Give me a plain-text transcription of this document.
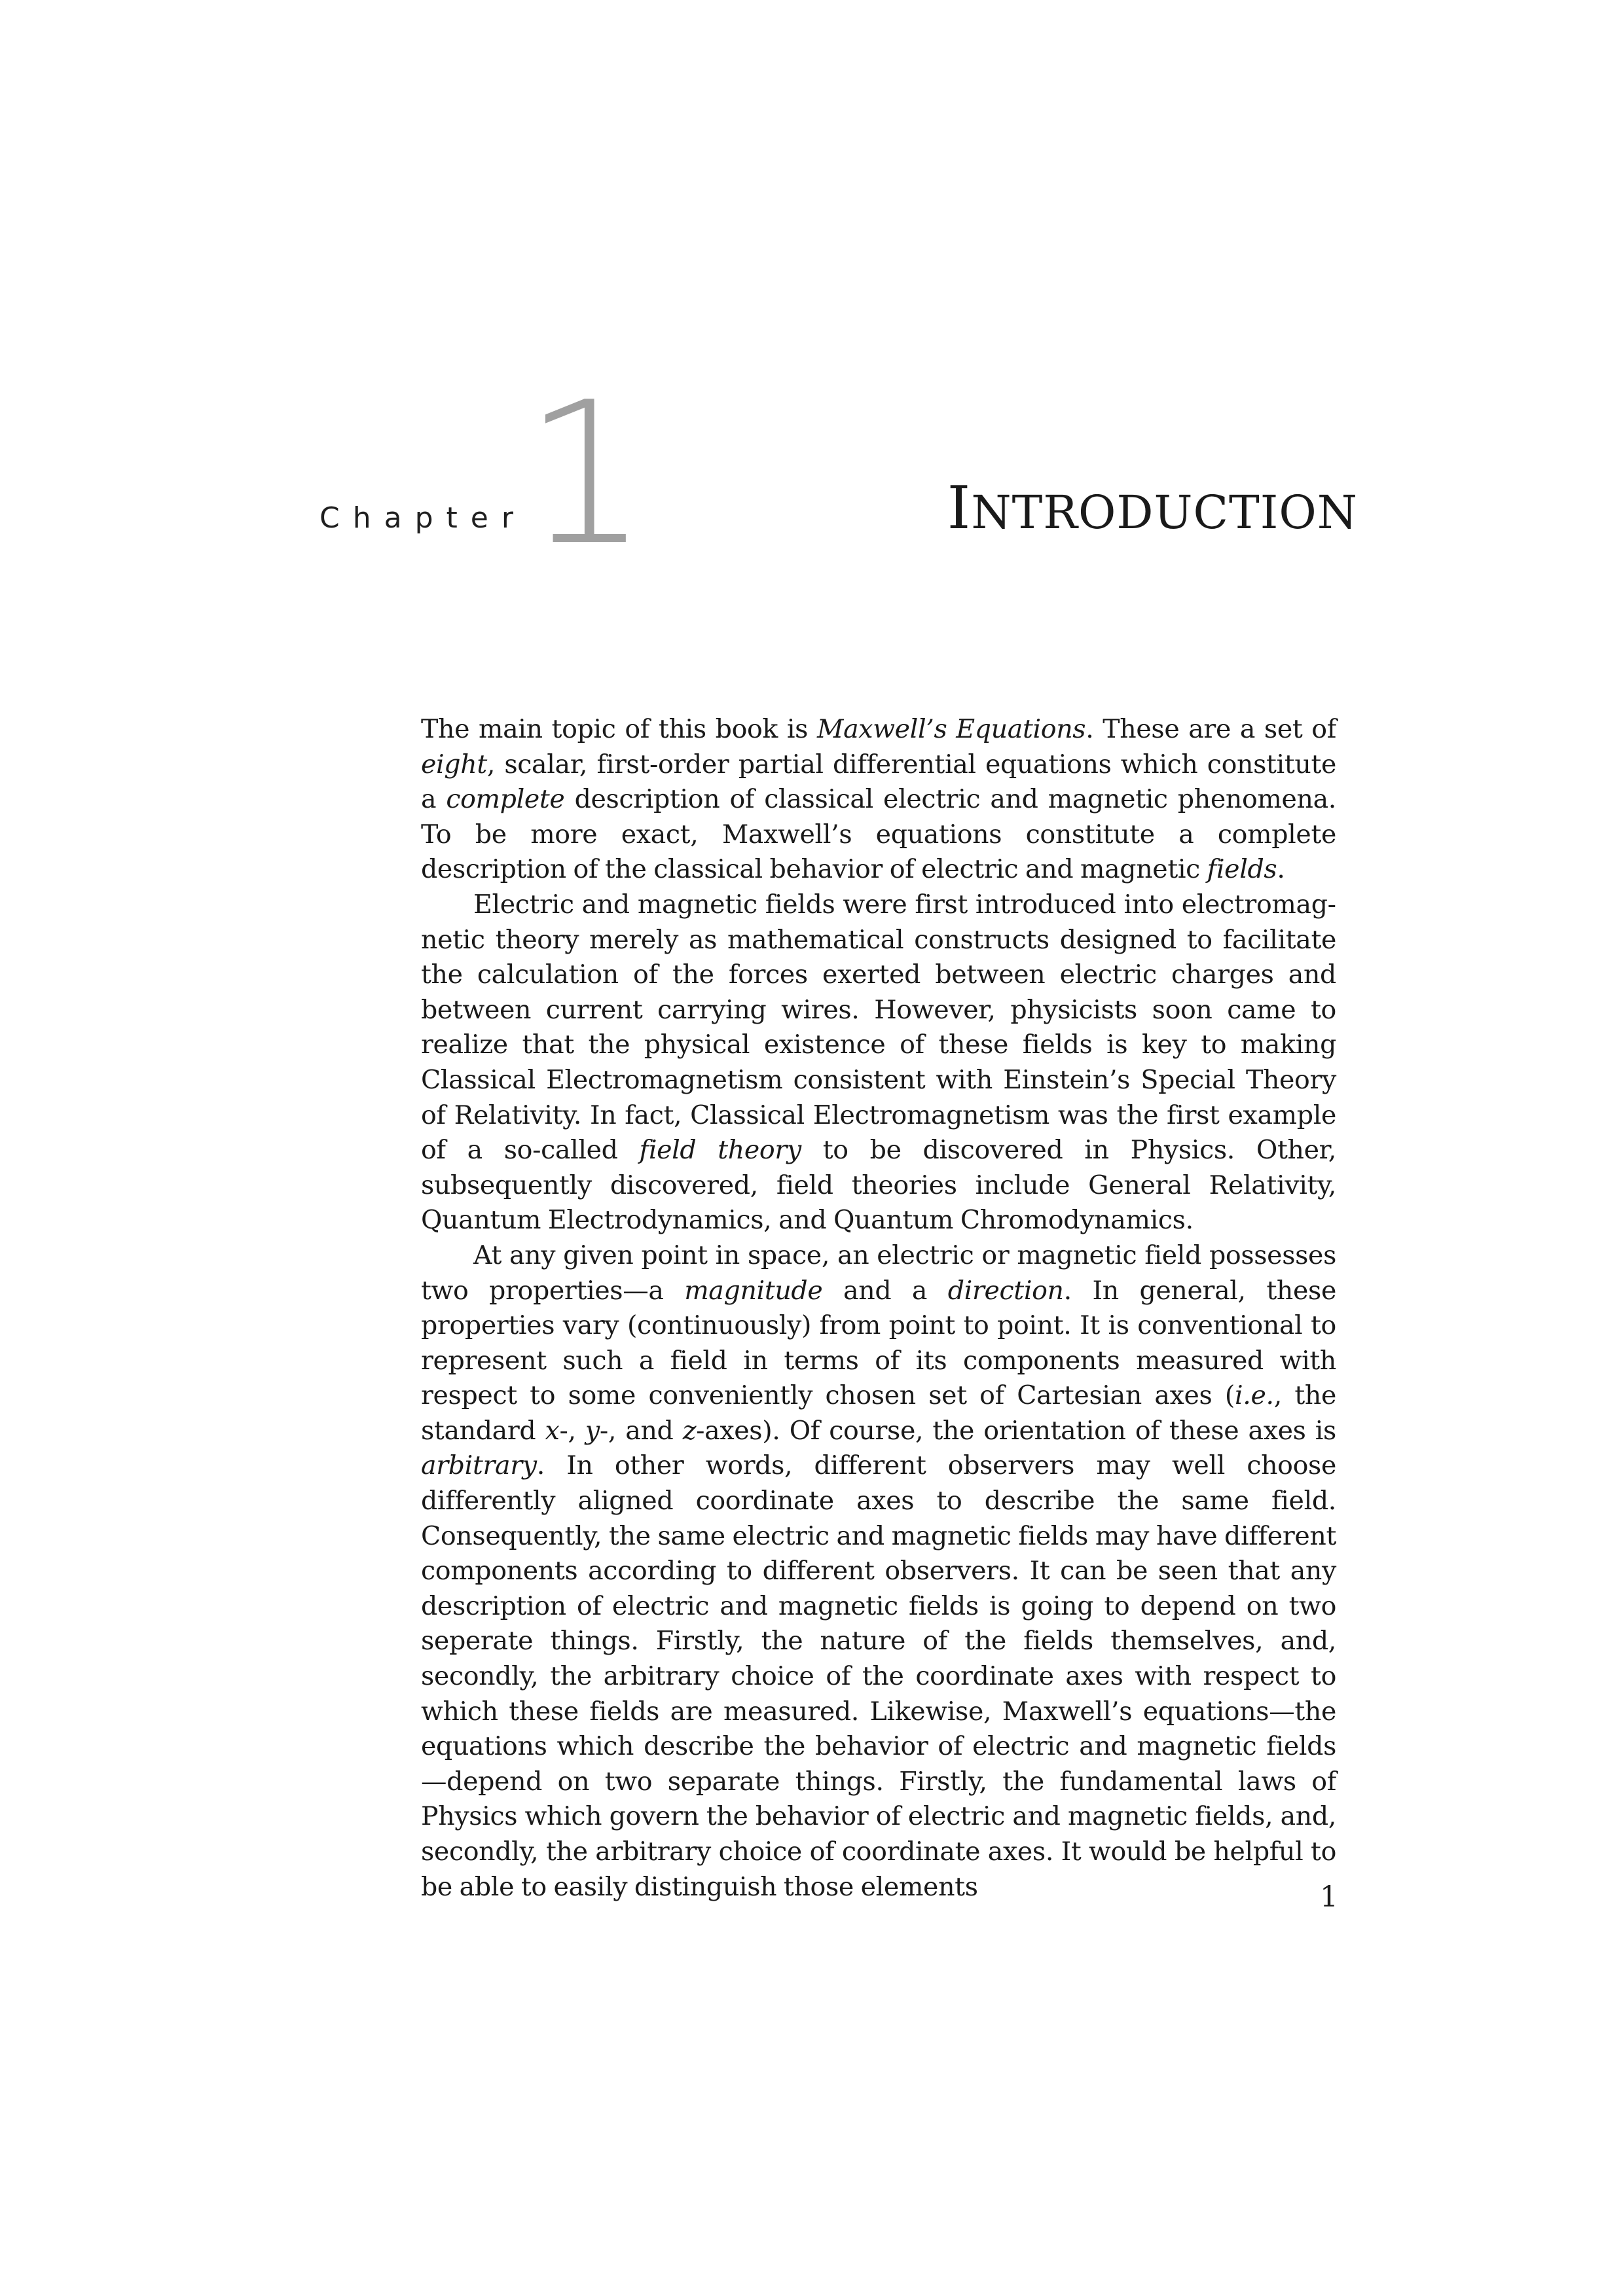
Chapter
1	INTRODUCTION

The main topic of this book is Maxwell’s Equations. These are a set of eight, scalar, first-order partial differential equations which constitute a complete description of classical electric and magnetic phenomena. To be more exact, Maxwell’s equations constitute a complete description of the classical behavior of electric and magnetic fields.

Electric and magnetic fields were first introduced into electromagnetic theory merely as mathematical constructs designed to facilitate the calculation of the forces exerted between electric charges and between current carrying wires. However, physicists soon came to realize that the physical existence of these fields is key to making Classical Electromagnetism consistent with Einstein’s Special Theory of Relativity. In fact, Classical Electromagnetism was the first example of a so-called field theory to be discovered in Physics. Other, subsequently discovered, field theories include General Relativity, Quantum Electrodynamics, and Quantum Chromodynamics.

At any given point in space, an electric or magnetic field possesses two properties—a magnitude and a direction. In general, these properties vary (continuously) from point to point. It is conventional to represent such a field in terms of its components measured with respect to some conveniently chosen set of Cartesian axes (i.e., the standard x-, y-, and z-axes). Of course, the orientation of these axes is arbitrary. In other words, different observers may well choose differently aligned coordinate axes to describe the same field. Consequently, the same electric and magnetic fields may have different components according to different observers. It can be seen that any description of electric and magnetic fields is going to depend on two seperate things. Firstly, the nature of the fields themselves, and, secondly, the arbitrary choice of the coordinate axes with respect to which these fields are measured. Likewise, Maxwell’s equations—the equations which describe the behavior of electric and magnetic fields—depend on two separate things. Firstly, the fundamental laws of Physics which govern the behavior of electric and magnetic fields, and, secondly, the arbitrary choice of coordinate axes. It would be helpful to be able to easily distinguish those elements	1
